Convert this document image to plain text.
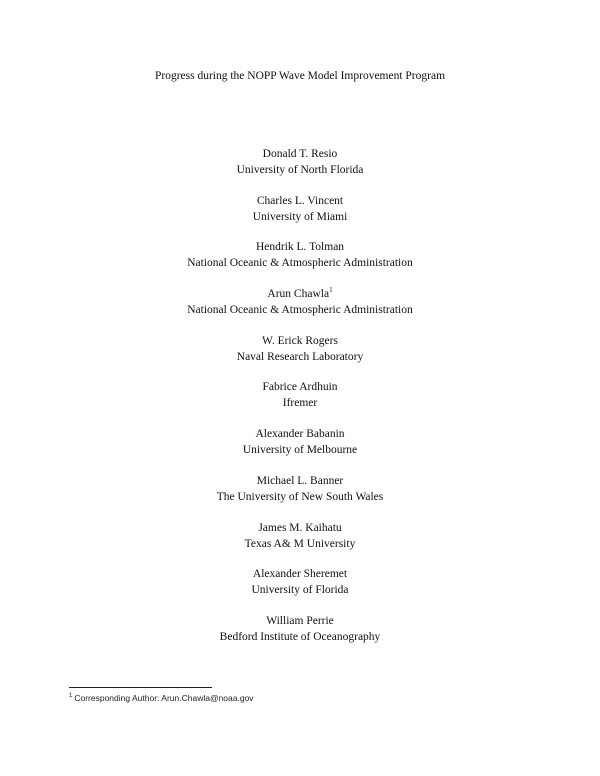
Progress during the NOPP Wave Model Improvement Program
Donald T. Resio
University of North Florida
Charles L. Vincent
University of Miami
Hendrik L. Tolman
National Oceanic & Atmospheric Administration
Arun Chawla$^1$
National Oceanic & Atmospheric Administration
W. Erick Rogers
Naval Research Laboratory
Fabrice Ardhuin
Ifremer
Alexander Babanin
University of Melbourne
Michael L. Banner
The University of New South Wales
James M. Kaihatu
Texas A& M University
Alexander Sheremet
University of Florida
William Perrie
Bedford Institute of Oceanography
$^1$ Corresponding Author: Arun.Chawla@noaa.gov
